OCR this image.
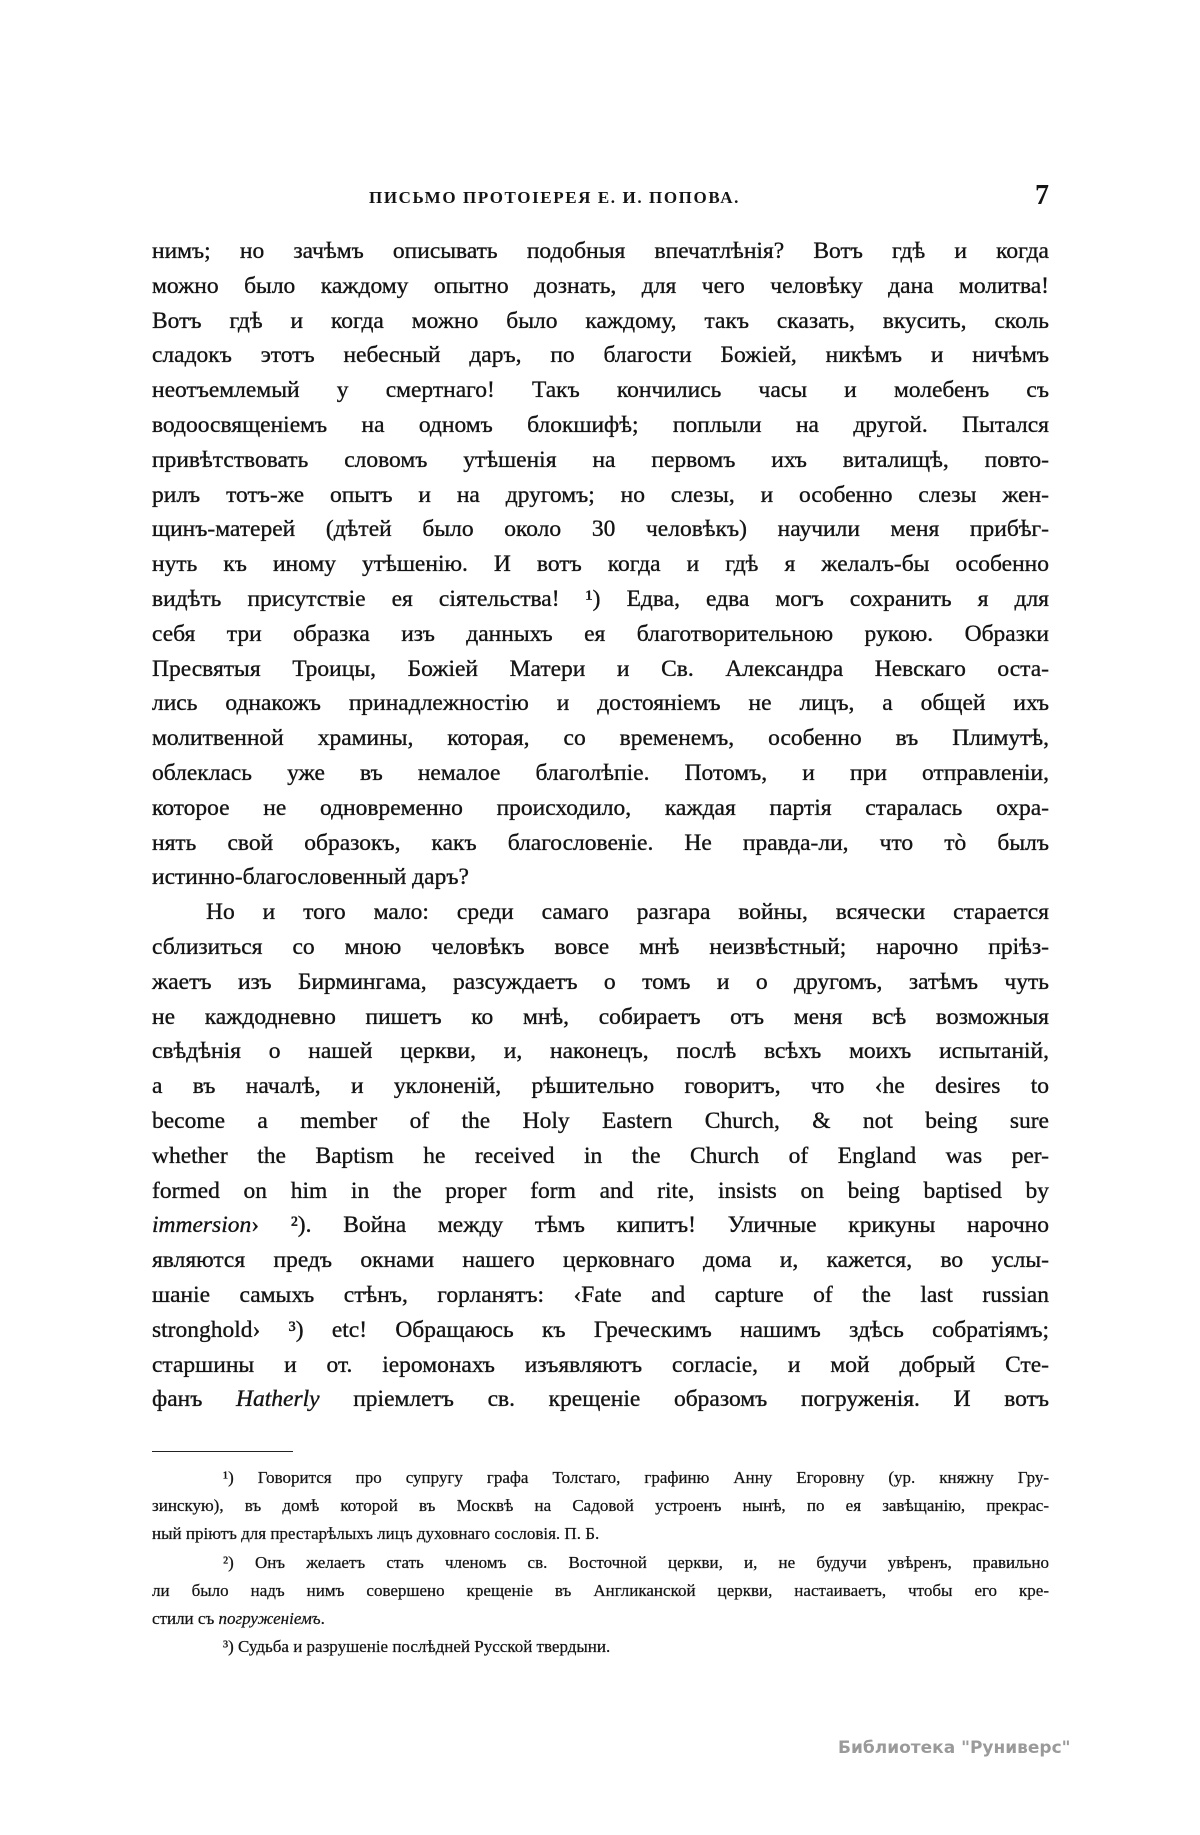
ПИСЬМО ПРОТОІЕРЕЯ Е. И. ПОПОВА.	7
нимъ; но зачѣмъ описывать подобныя впечатлѣнія? Вотъ гдѣ и когда
можно было каждому опытно дознать, для чего человѣку дана молитва!
Вотъ гдѣ и когда можно было каждому, такъ сказать, вкусить, сколь
сладокъ этотъ небесный даръ, по благости Божіей, никѣмъ и ничѣмъ
неотъемлемый у смертнаго! Такъ кончились часы и молебенъ съ
водоосвященіемъ на одномъ блокшифѣ; поплыли на другой. Пытался
привѣтствовать словомъ утѣшенія на первомъ ихъ виталищѣ, повто-
рилъ тотъ-же опытъ и на другомъ; но слезы, и особенно слезы жен-
щинъ-матерей (дѣтей было около 30 человѣкъ) научили меня прибѣг-
нуть къ иному утѣшенію. И вотъ когда и гдѣ я желалъ-бы особенно
видѣть присутствіе ея сіятельства! ¹) Едва, едва могъ сохранить я для
себя три образка изъ данныхъ ея благотворительною рукою. Образки
Пресвятыя Троицы, Божіей Матери и Св. Александра Невскаго оста-
лись однакожъ принадлежностію и достояніемъ не лицъ, а общей ихъ
молитвенной храмины, которая, со временемъ, особенно въ Плимутѣ,
облеклась уже въ немалое благолѣпіе. Потомъ, и при отправленіи,
которое не одновременно происходило, каждая партія старалась охра-
нять свой образокъ, какъ благословеніе. Не правда-ли, что тò былъ
истинно-благословенный даръ?
Но и того мало: среди самаго разгара войны, всячески старается
сблизиться со мною человѣкъ вовсе мнѣ неизвѣстный; нарочно пріѣз-
жаетъ изъ Бирмингама, разсуждаетъ о томъ и о другомъ, затѣмъ чуть
не каждодневно пишетъ ко мнѣ, собираетъ отъ меня всѣ возможныя
свѣдѣнія о нашей церкви, и, наконецъ, послѣ всѣхъ моихъ испытаній,
а въ началѣ, и уклоненій, рѣшительно говоритъ, что ‹he desires to
become a member of the Holy Eastern Church, & not being sure
whether the Baptism he received in the Church of England was per-
formed on him in the proper form and rite, insists on being baptised by
immersion› ²). Война между тѣмъ кипитъ! Уличные крикуны нарочно
являются предъ окнами нашего церковнаго дома и, кажется, во услы-
шаніе самыхъ стѣнъ, горланятъ: ‹Fate and capture of the last russian
stronghold› ³) etc! Обращаюсь къ Греческимъ нашимъ здѣсь собратіямъ;
старшины и от. іеромонахъ изъявляютъ согласіе, и мой добрый Сте-
фанъ Hatherly пріемлетъ св. крещеніе образомъ погруженія. И вотъ
¹) Говорится про супругу графа Толстаго, графиню Анну Егоровну (ур. княжну Гру-
зинскую), въ домѣ которой въ Москвѣ на Садовой устроенъ нынѣ, по ея завѣщанію, прекрас-
ный пріютъ для престарѣлыхъ лицъ духовнаго сословія. П. Б.
²) Онъ желаетъ стать членомъ св. Восточной церкви, и, не будучи увѣренъ, правильно
ли было надъ нимъ совершено крещеніе въ Англиканской церкви, настаиваетъ, чтобы его кре-
стили съ погруженіемъ.
³) Судьба и разрушеніе послѣдней Русской твердыни.
Библиотека "Руниверс"
